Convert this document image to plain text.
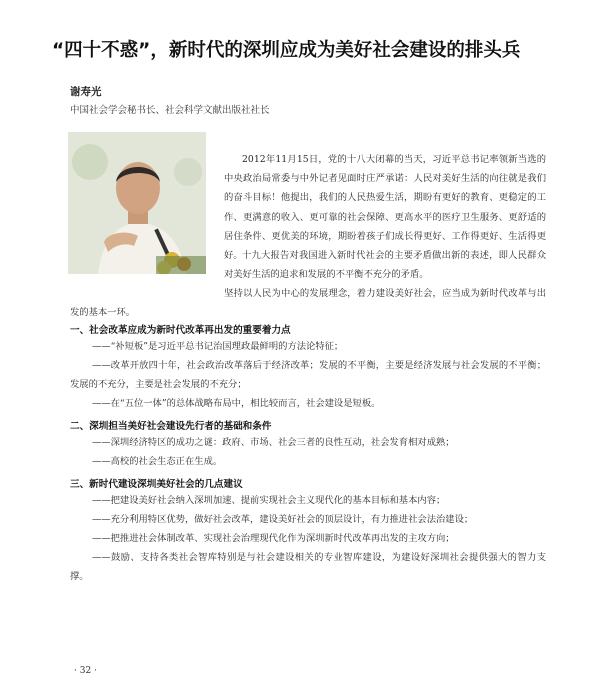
“四十不惑”，新时代的深圳应成为美好社会建设的排头兵
谢寿光
中国社会学会秘书长、社会科学文献出版社社长
2012年11月15日，党的十八大闭幕的当天，习近平总书记率领新当选的中央政治局常委与中外记者见面时庄严承诺：人民对美好生活的向往就是我们的奋斗目标！他提出，我们的人民热爱生活，期盼有更好的教育、更稳定的工作、更满意的收入、更可靠的社会保障、更高水平的医疗卫生服务、更舒适的居住条件、更优美的环境，期盼着孩子们成长得更好、工作得更好、生活得更好。 十九大报告对我国进入新时代社会的主要矛盾做出新的表述，即人民群众对美好生活的追求和发展的不平衡不充分的矛盾。
坚持以人民为中心的发展理念，着力建设美好社会，应当成为新时代改革与出发的基本一环。
一、社会改革应成为新时代改革再出发的重要着力点
——“补短板”是习近平总书记治国理政最鲜明的方法论特征；
——改革开放四十年，社会政治改革落后于经济改革；发展的不平衡，主要是经济发展与社会发展的不平衡；发展的不充分，主要是社会发展的不充分；
——在“五位一体”的总体战略布局中，相比较而言，社会建设是短板。
二、深圳担当美好社会建设先行者的基础和条件
——深圳经济特区的成功之谜：政府、市场、社会三者的良性互动，社会发育相对成熟；
——高校的社会生态正在生成。
三、新时代建设深圳美好社会的几点建议
——把建设美好社会纳入深圳加速、提前实现社会主义现代化的基本目标和基本内容；
——充分利用特区优势，做好社会改革，建设美好社会的顶层设计，有力推进社会法治建设；
——把推进社会体制改革、实现社会治理现代化作为深圳新时代改革再出发的主攻方向；
——鼓励、支持各类社会智库特别是与社会建设相关的专业智库建设，为建设好深圳社会提供强大的智力支撑。
· 32 ·
